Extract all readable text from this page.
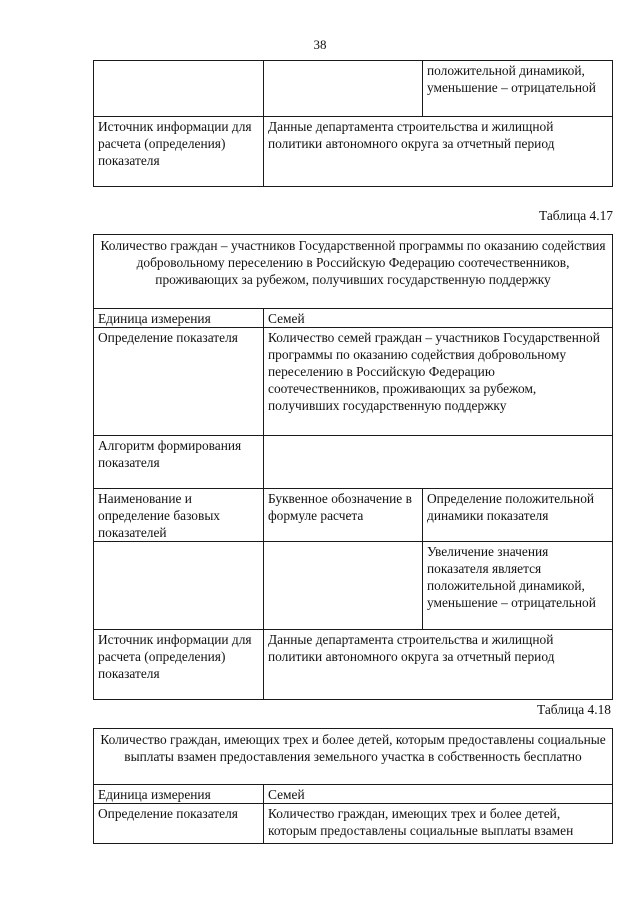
38
		положительной динамикой, уменьшение – отрицательной
Источник информации для расчета (определения) показателя	Данные департамента строительства и жилищной политики автономного округа за отчетный период	
Таблица 4.17
Количество граждан – участников Государственной программы по оказанию содействия добровольному переселению в Российскую Федерацию соотечественников, проживающих за рубежом, получивших государственную поддержку		
Единица измерения	Семей	
Определение показателя	Количество семей граждан – участников Государственной программы по оказанию содействия добровольному переселению в Российскую Федерацию соотечественников, проживающих за рубежом, получивших государственную поддержку	
Алгоритм формирования показателя		
Наименование и определение базовых показателей	Буквенное обозначение в формуле расчета	Определение положительной динамики показателя
		Увеличение значения показателя является положительной динамикой, уменьшение – отрицательной
Источник информации для расчета (определения) показателя	Данные департамента строительства и жилищной политики автономного округа за отчетный период	
Таблица 4.18
Количество граждан, имеющих трех и более детей, которым предоставлены социальные выплаты взамен предоставления земельного участка в собственность бесплатно	
Единица измерения	Семей
Определение показателя	Количество граждан, имеющих трех и более детей, которым предоставлены социальные выплаты взамен
